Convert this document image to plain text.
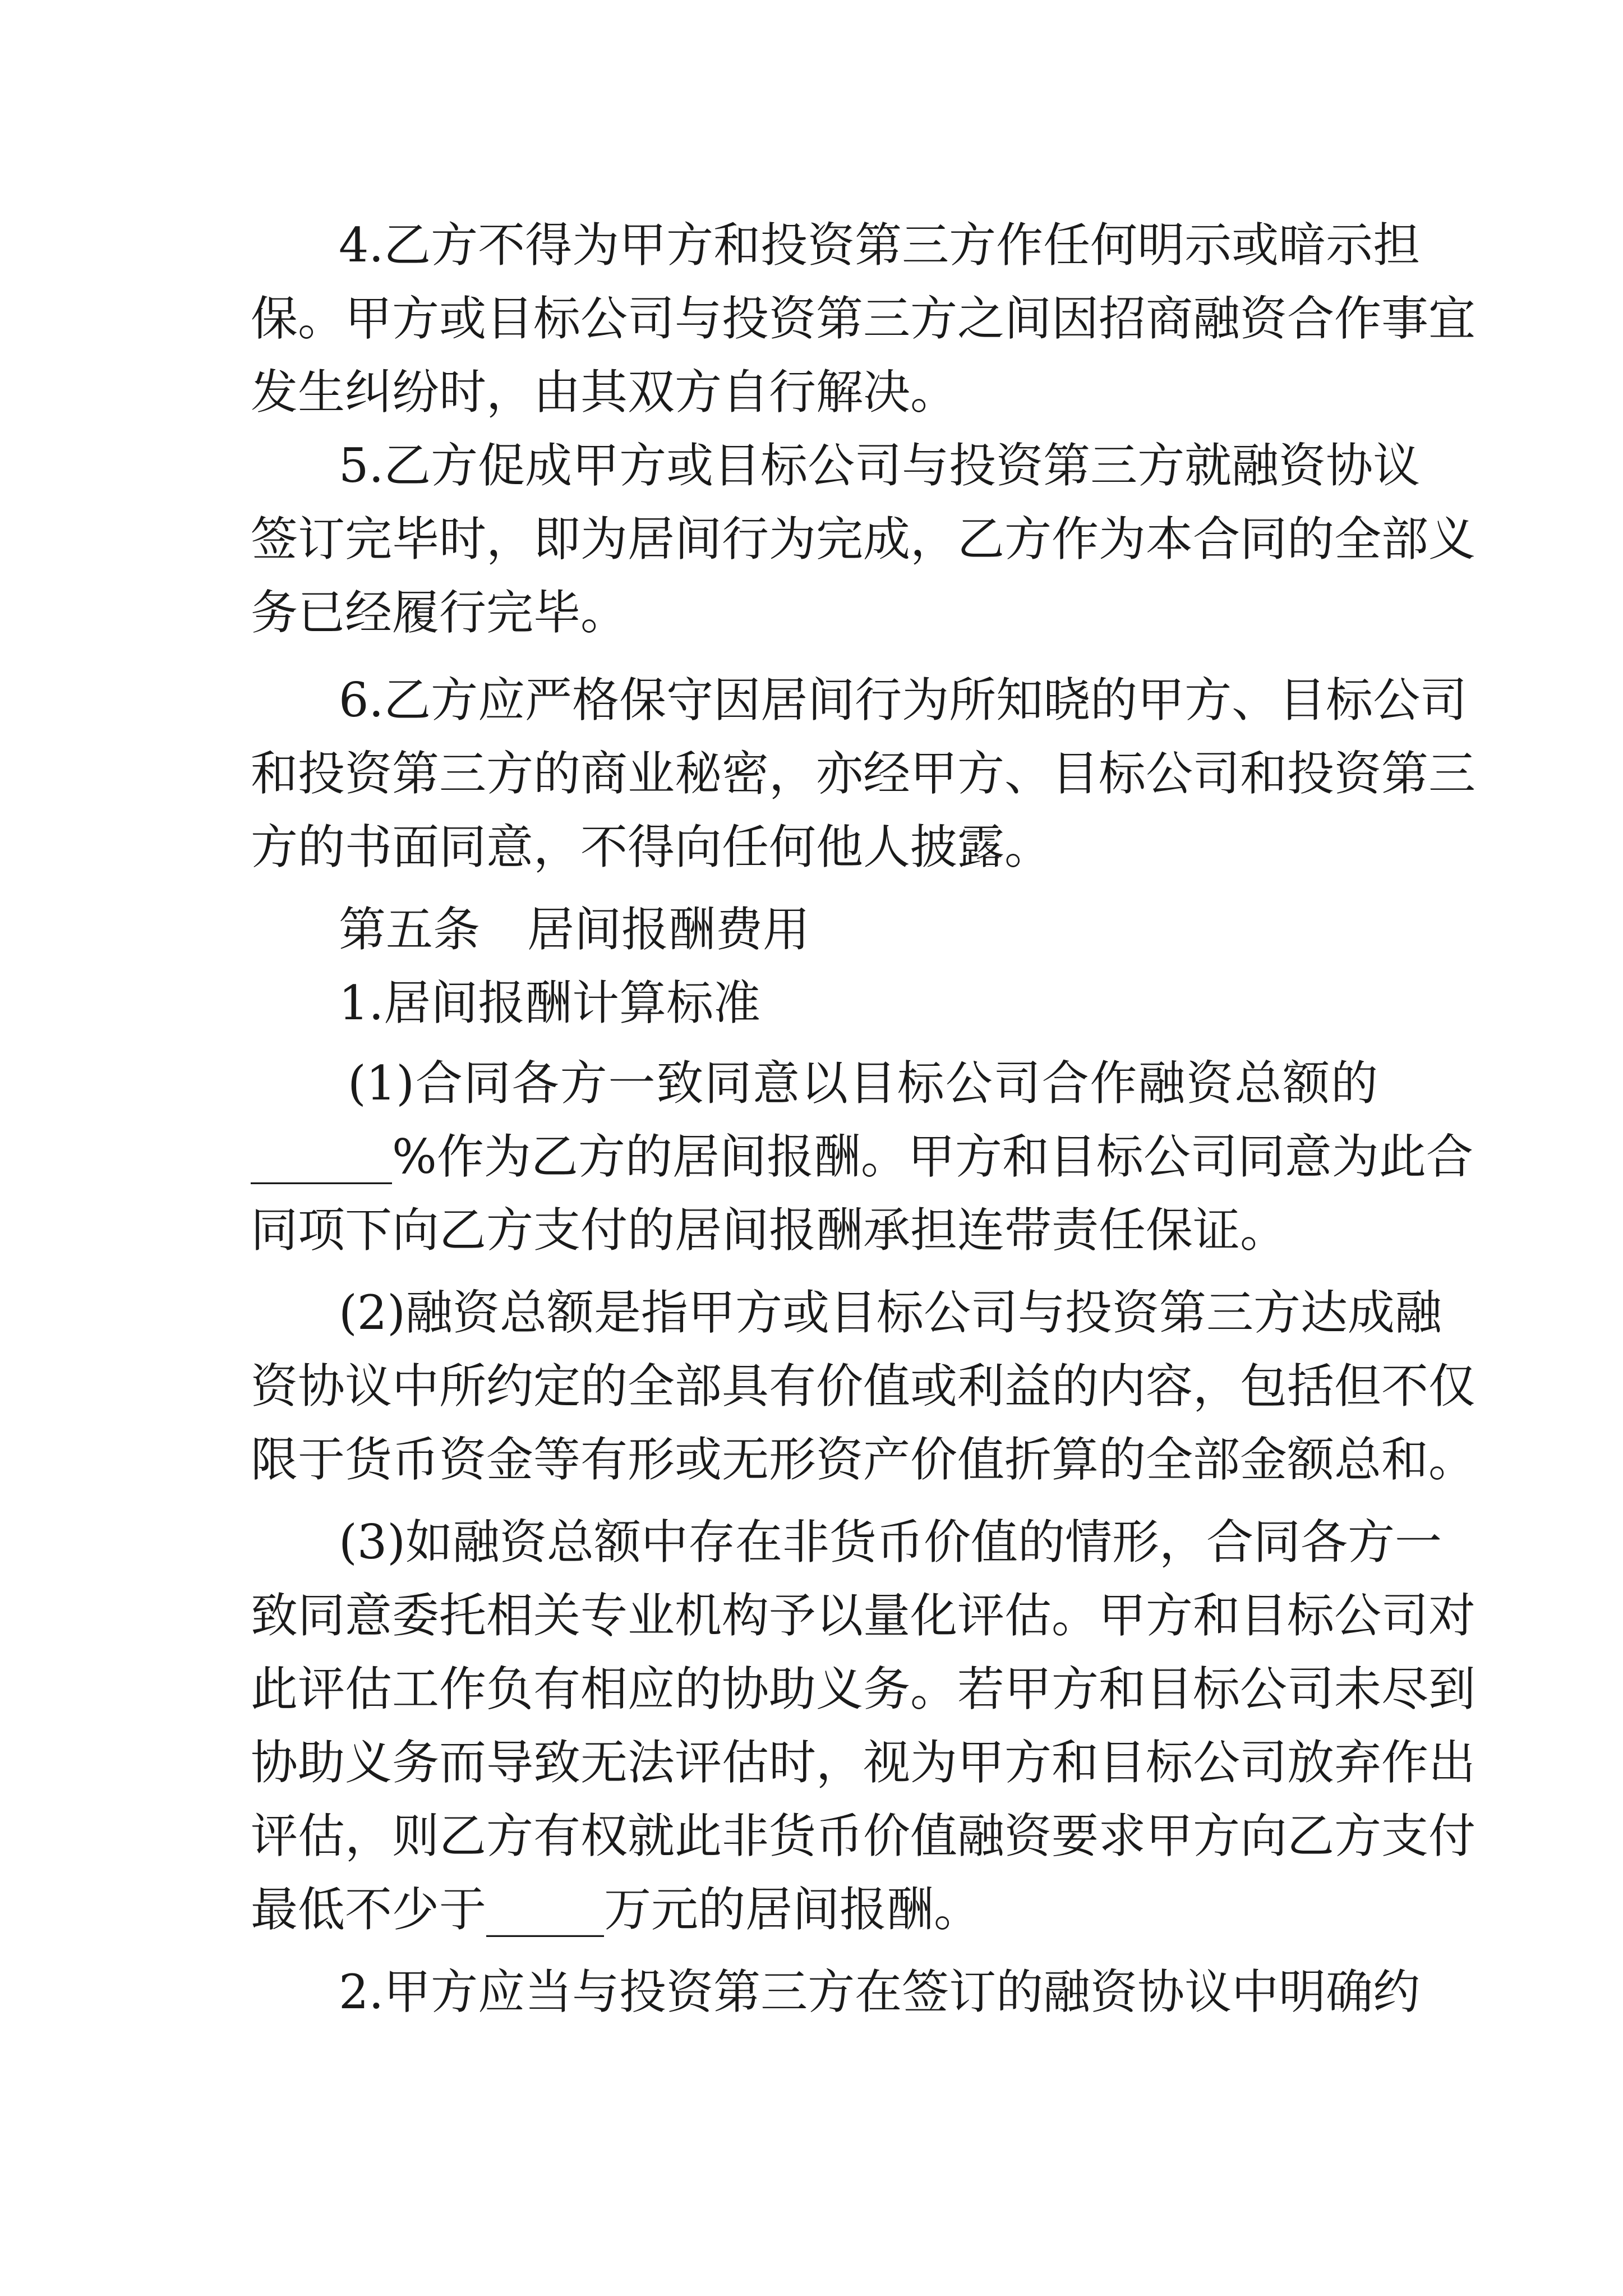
4.乙方不得为甲方和投资第三方作任何明示或暗示担
保。甲方或目标公司与投资第三方之间因招商融资合作事宜
发生纠纷时，由其双方自行解决。
5.乙方促成甲方或目标公司与投资第三方就融资协议
签订完毕时，即为居间行为完成，乙方作为本合同的全部义
务已经履行完毕。
6.乙方应严格保守因居间行为所知晓的甲方、目标公司
和投资第三方的商业秘密，亦经甲方、目标公司和投资第三
方的书面同意，不得向任何他人披露。
第五条　居间报酬费用
1.居间报酬计算标准
(1)合同各方一致同意以目标公司合作融资总额的
______%作为乙方的居间报酬。甲方和目标公司同意为此合
同项下向乙方支付的居间报酬承担连带责任保证。
(2)融资总额是指甲方或目标公司与投资第三方达成融
资协议中所约定的全部具有价值或利益的内容，包括但不仅
限于货币资金等有形或无形资产价值折算的全部金额总和。
(3)如融资总额中存在非货币价值的情形，合同各方一
致同意委托相关专业机构予以量化评估。甲方和目标公司对
此评估工作负有相应的协助义务。若甲方和目标公司未尽到
协助义务而导致无法评估时，视为甲方和目标公司放弃作出
评估，则乙方有权就此非货币价值融资要求甲方向乙方支付
最低不少于_____万元的居间报酬。
2.甲方应当与投资第三方在签订的融资协议中明确约
